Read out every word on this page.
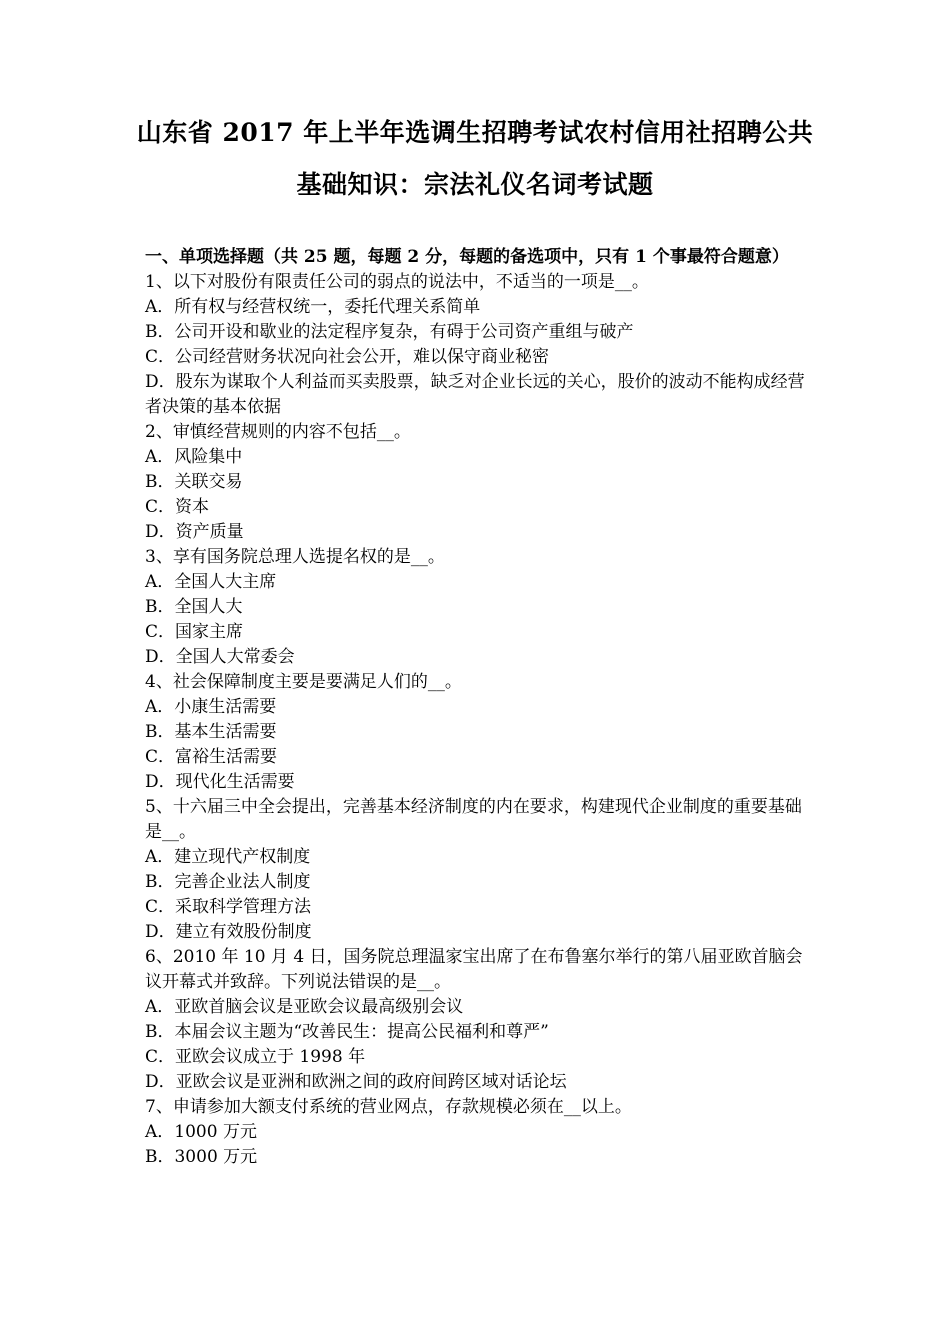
山东省 2017 年上半年选调生招聘考试农村信用社招聘公共
基础知识：宗法礼仪名词考试题

一、单项选择题（共 25 题，每题 2 分，每题的备选项中，只有 1 个事最符合题意）

1、以下对股份有限责任公司的弱点的说法中，不适当的一项是__。

A．所有权与经营权统一，委托代理关系简单

B．公司开设和歇业的法定程序复杂，有碍于公司资产重组与破产

C．公司经营财务状况向社会公开，难以保守商业秘密

D．股东为谋取个人利益而买卖股票，缺乏对企业长远的关心，股价的波动不能构成经营者决策的基本依据

2、审慎经营规则的内容不包括__。

A．风险集中

B．关联交易

C．资本

D．资产质量

3、享有国务院总理人选提名权的是__。

A．全国人大主席

B．全国人大

C．国家主席

D．全国人大常委会

4、社会保障制度主要是要满足人们的__。

A．小康生活需要

B．基本生活需要

C．富裕生活需要

D．现代化生活需要

5、十六届三中全会提出，完善基本经济制度的内在要求，构建现代企业制度的重要基础是__。

A．建立现代产权制度

B．完善企业法人制度

C．采取科学管理方法

D．建立有效股份制度

6、2010 年 10 月 4 日，国务院总理温家宝出席了在布鲁塞尔举行的第八届亚欧首脑会议开幕式并致辞。下列说法错误的是__。

A．亚欧首脑会议是亚欧会议最高级别会议

B．本届会议主题为“改善民生：提高公民福利和尊严”

C．亚欧会议成立于 1998 年

D．亚欧会议是亚洲和欧洲之间的政府间跨区域对话论坛

7、申请参加大额支付系统的营业网点，存款规模必须在__以上。

A．1000 万元

B．3000 万元
